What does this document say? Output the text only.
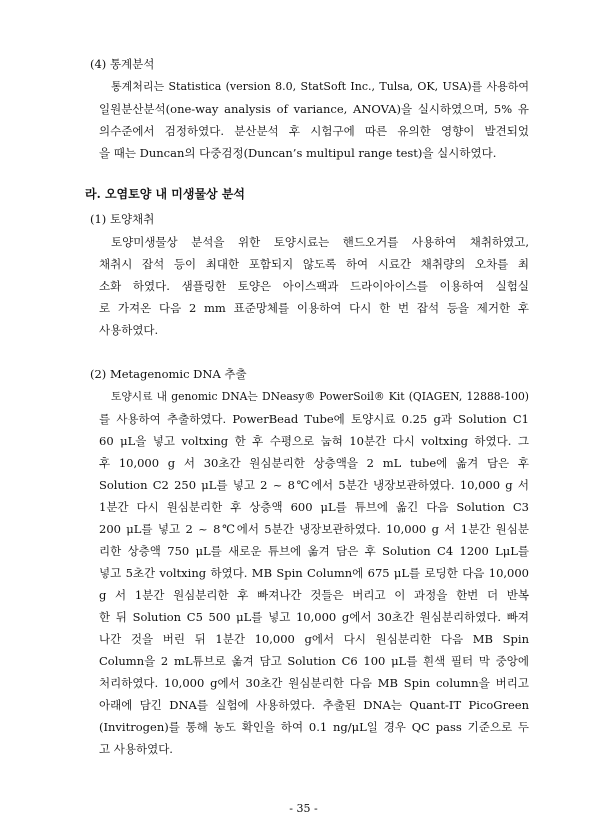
(4) 통계분석
통계처리는 Statistica (version 8.0, StatSoft Inc., Tulsa, OK, USA)를 사용하여
일원분산분석(one-way analysis of variance, ANOVA)을 실시하였으며, 5% 유
의수준에서 검정하였다. 분산분석 후 시험구에 따른 유의한 영향이 발견되었
을 때는 Duncan의 다중검정(Duncan’s multipul range test)을 실시하였다.
라. 오염토양 내 미생물상 분석
(1) 토양채취
토양미생물상 분석을 위한 토양시료는 핸드오거를 사용하여 채취하였고,
채취시 잡석 등이 최대한 포함되지 않도록 하여 시료간 채취량의 오차를 최
소화 하였다. 샘플링한 토양은 아이스팩과 드라이아이스를 이용하여 실험실
로 가져온 다음 2 mm 표준망체를 이용하여 다시 한 번 잡석 등을 제거한 후
사용하였다.
(2) Metagenomic DNA 추출
토양시료 내 genomic DNA는 DNeasy® PowerSoil® Kit (QIAGEN, 12888-100)
를 사용하여 추출하였다. PowerBead Tube에 토양시료 0.25 g과 Solution C1
60 μL을 넣고 voltxing 한 후 수평으로 눕혀 10분간 다시 voltxing 하였다. 그
후 10,000 g 서 30초간 원심분리한 상층액을 2 mL tube에 옮겨 담은 후
Solution C2 250 μL를 넣고 2 ~ 8℃에서 5분간 냉장보관하였다. 10,000 g 서
1분간 다시 원심분리한 후 상층액 600 μL를 튜브에 옮긴 다음 Solution C3
200 μL를 넣고 2 ~ 8℃에서 5분간 냉장보관하였다. 10,000 g 서 1분간 원심분
리한 상층액 750 μL를 새로운 튜브에 옮겨 담은 후 Solution C4 1200 LμL를
넣고 5초간 voltxing 하였다. MB Spin Column에 675 μL를 로딩한 다음 10,000
g 서 1분간 원심분리한 후 빠져나간 것들은 버리고 이 과정을 한번 더 반복
한 뒤 Solution C5 500 μL를 넣고 10,000 g에서 30초간 원심분리하였다. 빠져
나간 것을 버린 뒤 1분간 10,000 g에서 다시 원심분리한 다음 MB Spin
Column을 2 mL튜브로 옮겨 담고 Solution C6 100 μL를 흰색 필터 막 중앙에
처리하였다. 10,000 g에서 30초간 원심분리한 다음 MB Spin column을 버리고
아래에 담긴 DNA를 실험에 사용하였다. 추출된 DNA는 Quant-IT PicoGreen
(Invitrogen)를 통해 농도 확인을 하여 0.1 ng/μL일 경우 QC pass 기준으로 두
고 사용하였다.
- 35 -
